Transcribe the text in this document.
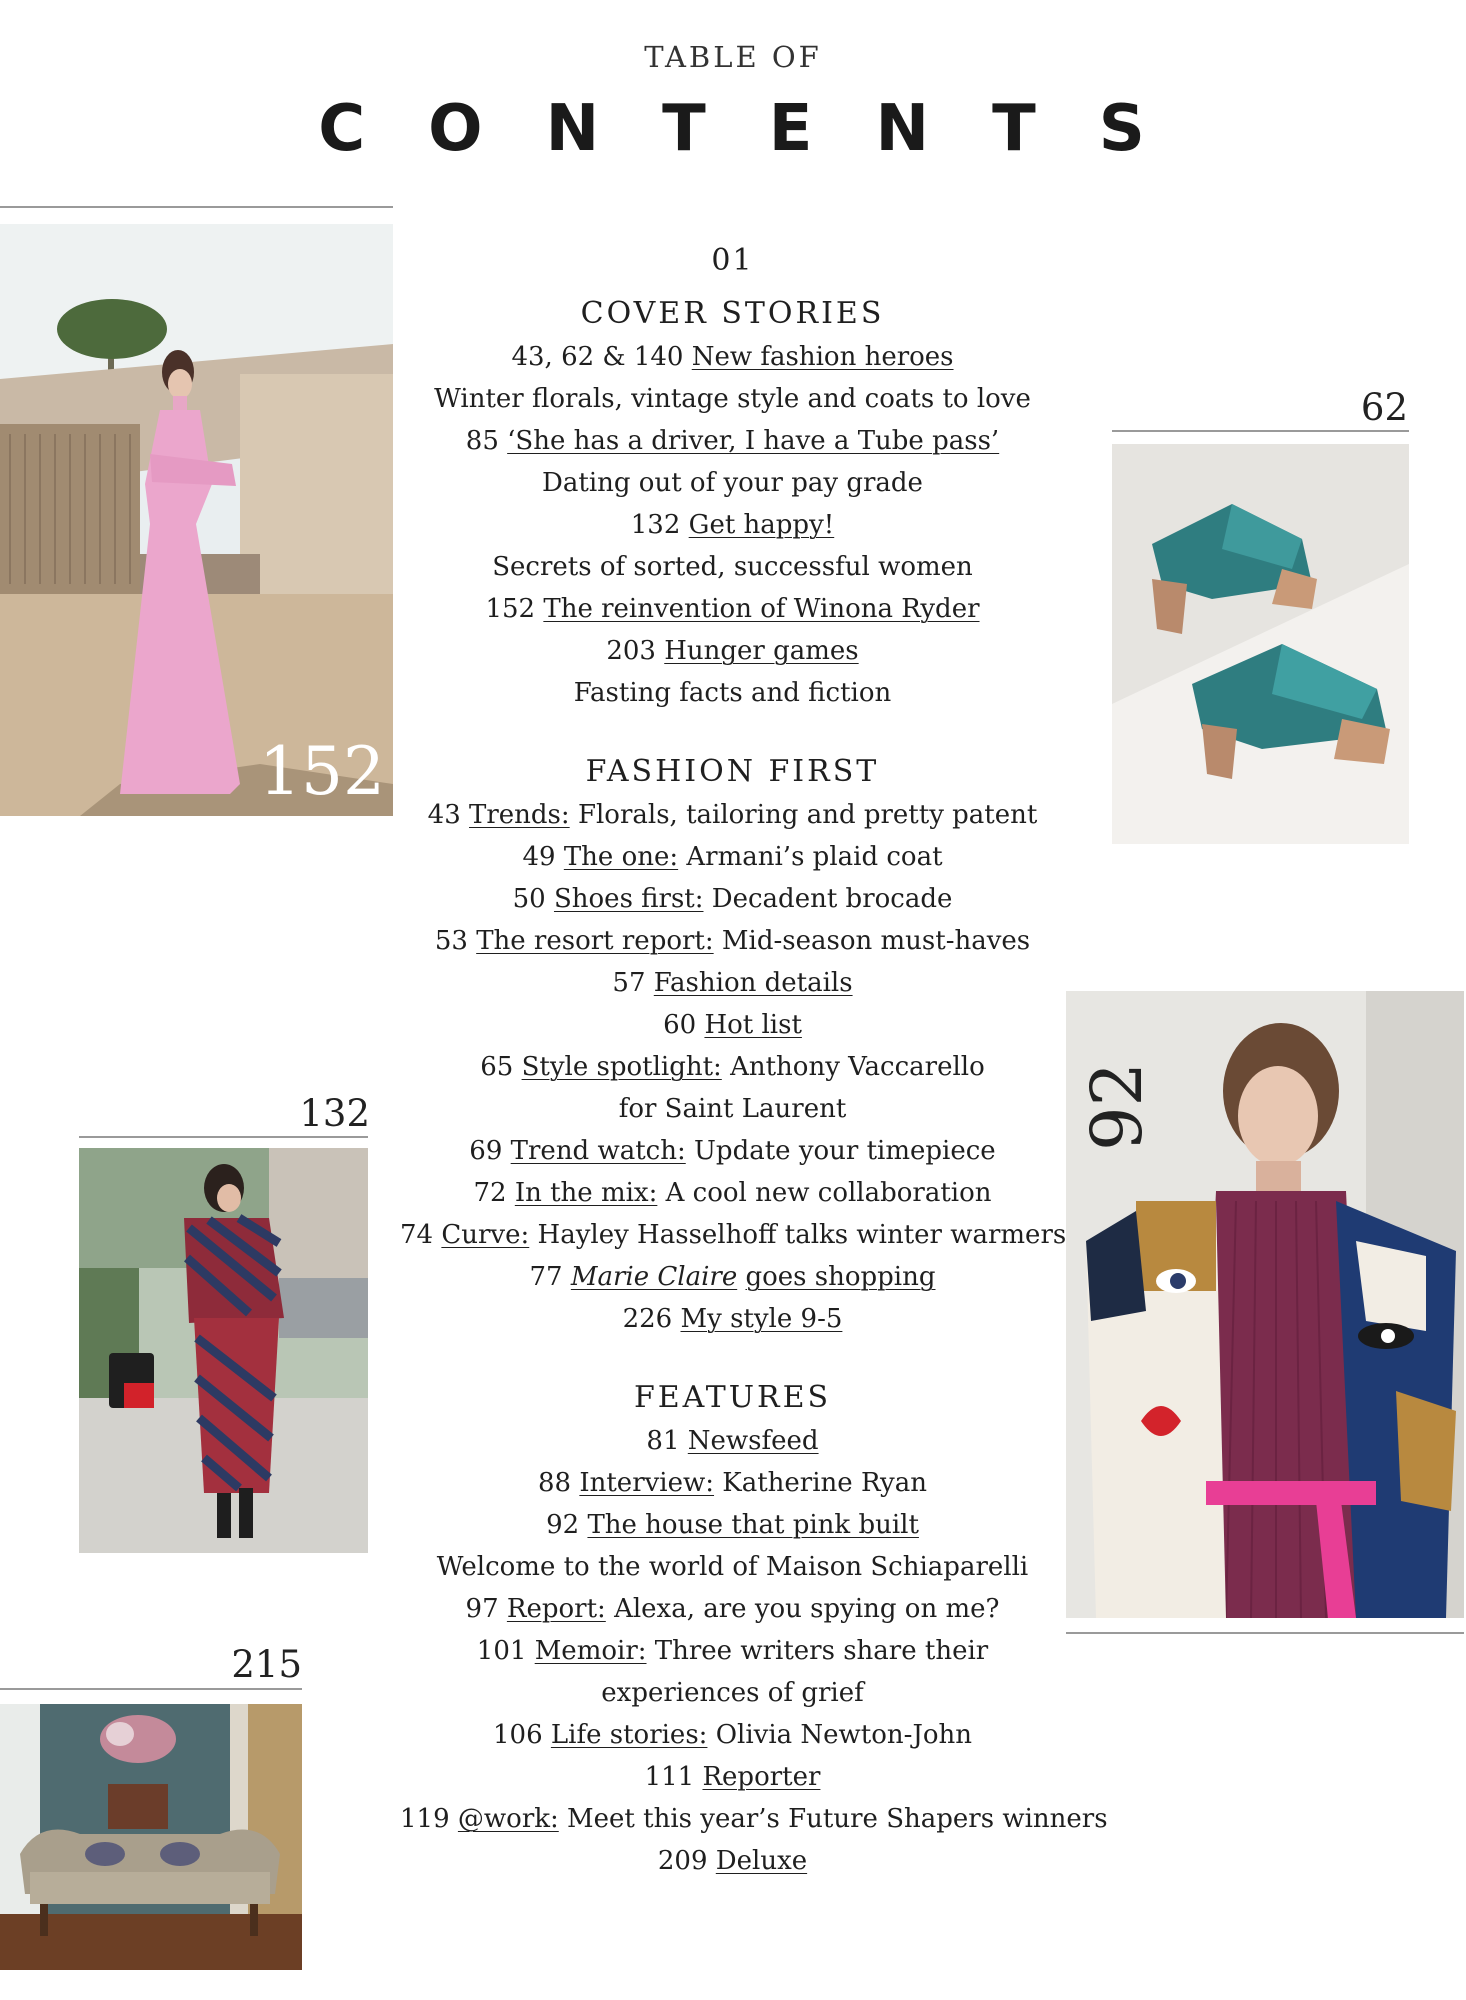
TABLE OF
CONTENTS
152
62
132	92
215
01
COVER STORIES
43, 62 & 140 New fashion heroes
Winter florals, vintage style and coats to love
85 ‘She has a driver, I have a Tube pass’
Dating out of your pay grade
132 Get happy!
Secrets of sorted, successful women
152 The reinvention of Winona Ryder
203 Hunger games
Fasting facts and fiction
FASHION FIRST
43 Trends: Florals, tailoring and pretty patent
49 The one: Armani’s plaid coat
50 Shoes first: Decadent brocade
53 The resort report: Mid-season must-haves
57 Fashion details
60 Hot list
65 Style spotlight: Anthony Vaccarello
for Saint Laurent
69 Trend watch: Update your timepiece
72 In the mix: A cool new collaboration
74 Curve: Hayley Hasselhoff talks winter warmers
77 Marie Claire goes shopping
226 My style 9-5
FEATURES
81 Newsfeed
88 Interview: Katherine Ryan
92 The house that pink built
Welcome to the world of Maison Schiaparelli
97 Report: Alexa, are you spying on me?
101 Memoir: Three writers share their
experiences of grief
106 Life stories: Olivia Newton-John
111 Reporter
119 @work: Meet this year’s Future Shapers winners
209 Deluxe
